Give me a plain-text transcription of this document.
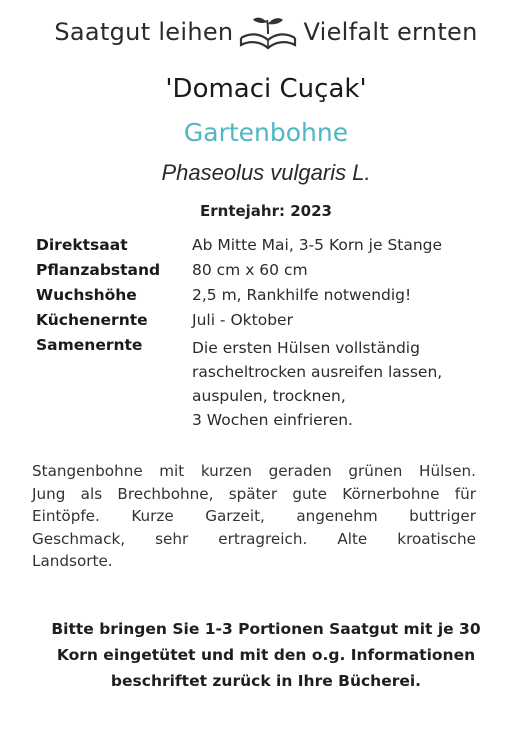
Saatgut leihen	Vielfalt ernten
'Domaci Cuçak'
Gartenbohne
Phaseolus vulgaris L.
Erntejahr: 2023
Direktsaat	Ab Mitte Mai, 3-5 Korn je Stange
Pflanzabstand 80 cm x 60 cm
Wuchshöhe	2,5 m, Rankhilfe notwendig!
Küchenernte	Juli - Oktober
Samenernte	Die ersten Hülsen vollständig
rascheltrocken ausreifen lassen,
auspulen, trocknen,
3 Wochen einfrieren.
Stangenbohne mit kurzen geraden grünen Hülsen.
Jung als Brechbohne, später gute Körnerbohne für
Eintöpfe. Kurze Garzeit, angenehm buttriger
Geschmack, sehr ertragreich. Alte kroatische
Landsorte.
Bitte bringen Sie 1-3 Portionen Saatgut mit je 30
Korn eingetütet und mit den o.g. Informationen
beschriftet zurück in Ihre Bücherei.
